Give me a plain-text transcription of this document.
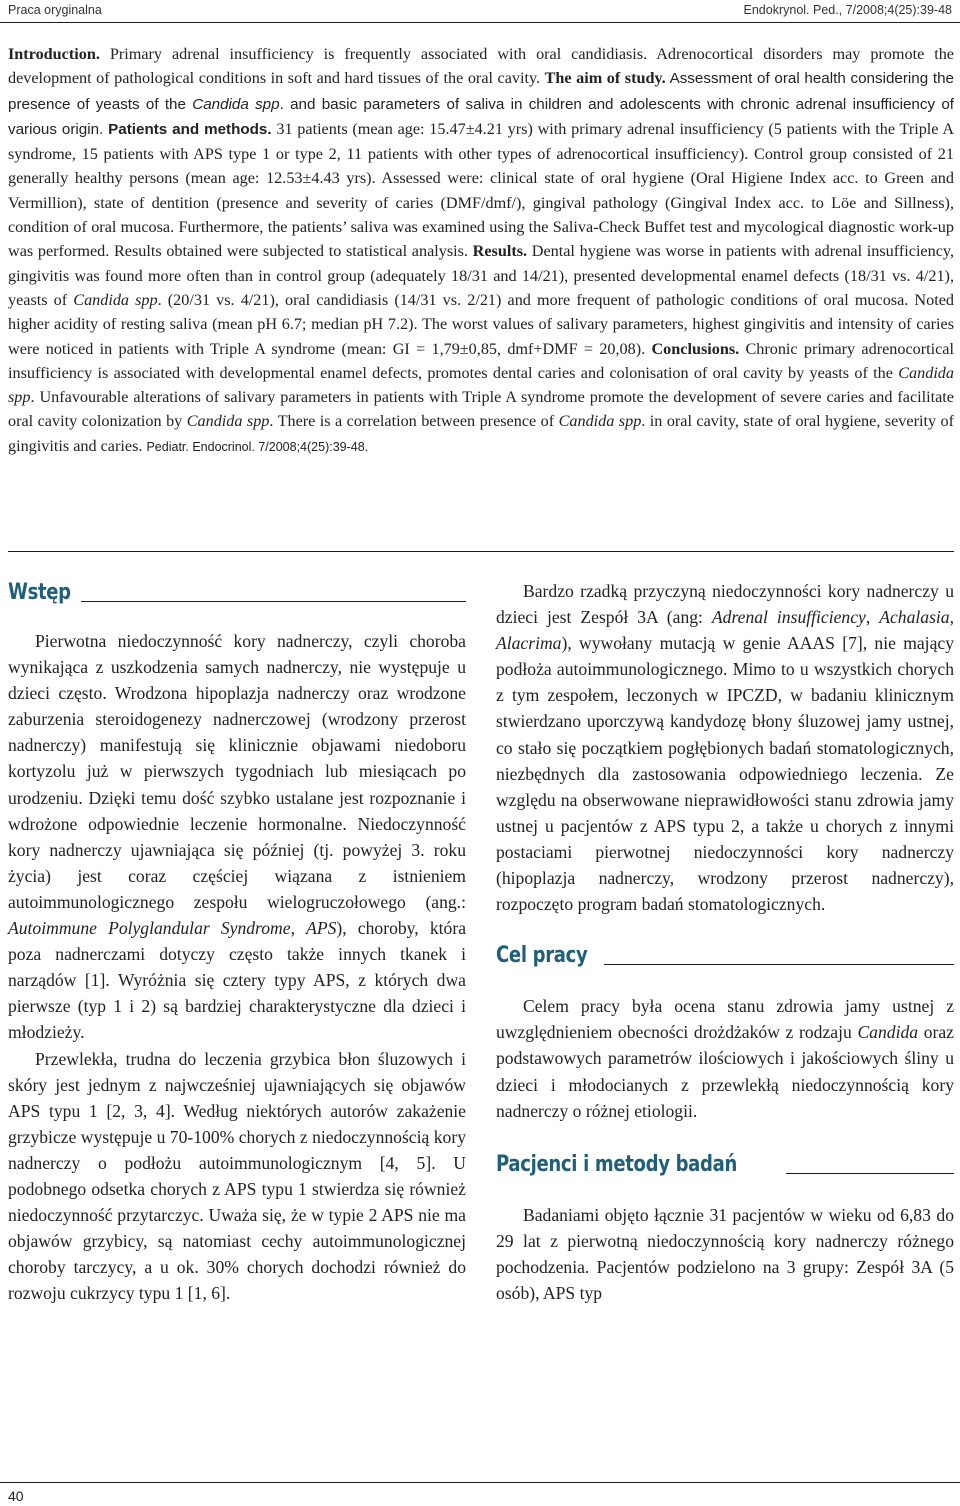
Praca oryginalna	Endokrynol. Ped., 7/2008;4(25):39-48
Introduction. Primary adrenal insufficiency is frequently associated with oral candidiasis. Adrenocortical disorders may promote the development of pathological conditions in soft and hard tissues of the oral cavity. The aim of study. Assessment of oral health considering the presence of yeasts of the Candida spp. and basic parameters of saliva in children and adolescents with chronic adrenal insufficiency of various origin. Patients and methods. 31 patients (mean age: 15.47±4.21 yrs) with primary adrenal insufficiency (5 patients with the Triple A syndrome, 15 patients with APS type 1 or type 2, 11 patients with other types of adrenocortical insufficiency). Control group consisted of 21 generally healthy persons (mean age: 12.53±4.43 yrs). Assessed were: clinical state of oral hygiene (Oral Higiene Index acc. to Green and Vermillion), state of dentition (presence and severity of caries (DMF/dmf/), gingival pathology (Gingival Index acc. to Löe and Sillness), condition of oral mucosa. Furthermore, the patients’ saliva was examined using the Saliva-Check Buffet test and mycological diagnostic work-up was performed. Results obtained were subjected to statistical analysis. Results. Dental hygiene was worse in patients with adrenal insufficiency, gingivitis was found more often than in control group (adequately 18/31 and 14/21), presented developmental enamel defects (18/31 vs. 4/21), yeasts of Candida spp. (20/31 vs. 4/21), oral candidiasis (14/31 vs. 2/21) and more frequent of pathologic conditions of oral mucosa. Noted higher acidity of resting saliva (mean pH 6.7; median pH 7.2). The worst values of salivary parameters, highest gingivitis and intensity of caries were noticed in patients with Triple A syndrome (mean: GI = 1,79±0,85, dmf+DMF = 20,08). Conclusions. Chronic primary adrenocortical insufficiency is associated with developmental enamel defects, promotes dental caries and colonisation of oral cavity by yeasts of the Candida spp. Unfavourable alterations of salivary parameters in patients with Triple A syndrome promote the development of severe caries and facilitate oral cavity colonization by Candida spp. There is a correlation between presence of Candida spp. in oral cavity, state of oral hygiene, severity of gingivitis and caries. Pediatr. Endocrinol. 7/2008;4(25):39-48.
Wstęp

Pierwotna niedoczynność kory nadnerczy, czyli choroba wynikająca z uszkodzenia samych nadnerczy, nie występuje u dzieci często. Wrodzona hipoplazja nadnerczy oraz wrodzone zaburzenia steroidogenezy nadnerczowej (wrodzony przerost nadnerczy) manifestują się klinicznie objawami niedoboru kortyzolu już w pierwszych tygodniach lub miesiącach po urodzeniu. Dzięki temu dość szybko ustalane jest rozpoznanie i wdrożone odpowiednie leczenie hormonalne. Niedoczynność kory nadnerczy ujawniająca się później (tj. powyżej 3. roku życia) jest coraz częściej wiązana z istnieniem autoimmunologicznego zespołu wielogruczołowego (ang.: Autoimmune Polyglandular Syndrome, APS), choroby, która poza nadnerczami dotyczy często także innych tkanek i narządów [1]. Wyróżnia się cztery typy APS, z których dwa pierwsze (typ 1 i 2) są bardziej charakterystyczne dla dzieci i młodzieży.

Przewlekła, trudna do leczenia grzybica błon śluzowych i skóry jest jednym z najwcześniej ujawniających się objawów APS typu 1 [2, 3, 4]. Według niektórych autorów zakażenie grzybicze występuje u 70-100% chorych z niedoczynnością kory nadnerczy o podłożu autoimmunologicznym [4, 5]. U podobnego odsetka chorych z APS typu 1 stwierdza się również niedoczynność przytarczyc. Uważa się, że w typie 2 APS nie ma objawów grzybicy, są natomiast cechy autoimmunologicznej choroby tarczycy, a u ok. 30% chorych dochodzi również do rozwoju cukrzycy typu 1 [1, 6].

Bardzo rzadką przyczyną niedoczynności kory nadnerczy u dzieci jest Zespół 3A (ang: Adrenal insufficiency, Achalasia, Alacrima), wywołany mutacją w genie AAAS [7], nie mający podłoża autoimmunologicznego. Mimo to u wszystkich chorych z tym zespołem, leczonych w IPCZD, w badaniu klinicznym stwierdzano uporczywą kandydozę błony śluzowej jamy ustnej, co stało się początkiem pogłębionych badań stomatologicznych, niezbędnych dla zastosowania odpowiedniego leczenia. Ze względu na obserwowane nieprawidłowości stanu zdrowia jamy ustnej u pacjentów z APS typu 2, a także u chorych z innymi postaciami pierwotnej niedoczynności kory nadnerczy (hipoplazja nadnerczy, wrodzony przerost nadnerczy), rozpoczęto program badań stomatologicznych.

Cel pracy

Celem pracy była ocena stanu zdrowia jamy ustnej z uwzględnieniem obecności drożdżaków z rodzaju Candida oraz podstawowych parametrów ilościowych i jakościowych śliny u dzieci i młodocianych z przewlekłą niedoczynnością kory nadnerczy o różnej etiologii.

Pacjenci i metody badań

Badaniami objęto łącznie 31 pacjentów w wieku od 6,83 do 29 lat z pierwotną niedoczynnością kory nadnerczy różnego pochodzenia. Pacjentów podzielono na 3 grupy: Zespół 3A (5 osób), APS typ

40
